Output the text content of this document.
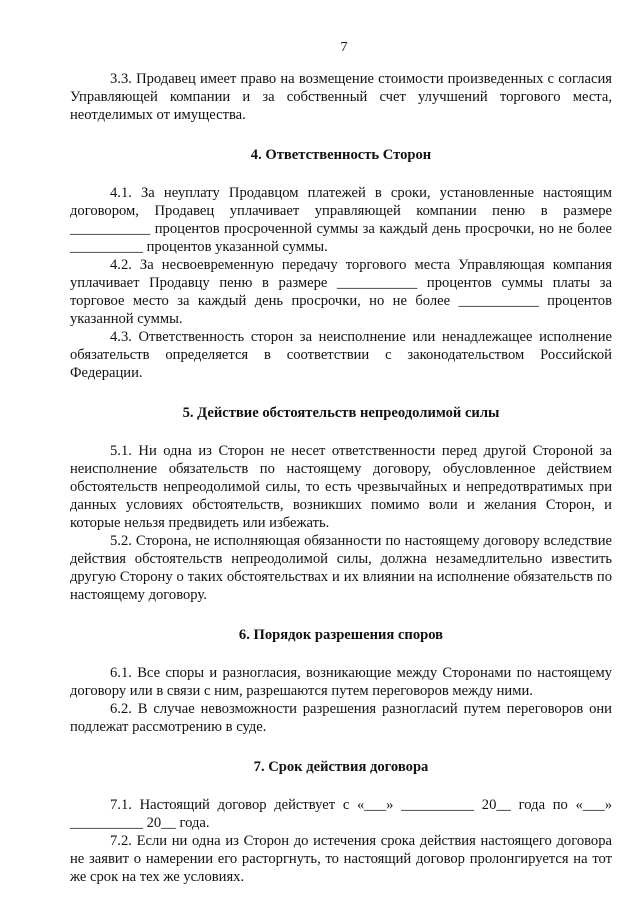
7

3.3. Продавец имеет право на возмещение стоимости произведенных с согласия Управляющей компании и за собственный счет улучшений торгового места, неотделимых от имущества.

4. Ответственность Сторон

4.1. За неуплату Продавцом платежей в сроки, установленные настоящим договором, Продавец уплачивает управляющей компании пеню в размере ___________ процентов просроченной суммы за каждый день просрочки, но не более __________ процентов указанной суммы.

4.2. За несвоевременную передачу торгового места Управляющая компания уплачивает Продавцу пеню в размере ___________ процентов суммы платы за торговое место за каждый день просрочки, но не более ___________ процентов указанной суммы.

4.3. Ответственность сторон за неисполнение или ненадлежащее исполнение обязательств определяется в соответствии с законодательством Российской Федерации.

5. Действие обстоятельств непреодолимой силы

5.1. Ни одна из Сторон не несет ответственности перед другой Стороной за неисполнение обязательств по настоящему договору, обусловленное действием обстоятельств непреодолимой силы, то есть чрезвычайных и непредотвратимых при данных условиях обстоятельств, возникших помимо воли и желания Сторон, и которые нельзя предвидеть или избежать.

5.2. Сторона, не исполняющая обязанности по настоящему договору вследствие действия обстоятельств непреодолимой силы, должна незамедлительно известить другую Сторону о таких обстоятельствах и их влиянии на исполнение обязательств по настоящему договору.

6. Порядок разрешения споров

6.1. Все споры и разногласия, возникающие между Сторонами по настоящему договору или в связи с ним, разрешаются путем переговоров между ними.

6.2. В случае невозможности разрешения разногласий путем переговоров они подлежат рассмотрению в суде.

7. Срок действия договора

7.1. Настоящий договор действует с «___» __________ 20__ года по «___» __________ 20__ года.

7.2. Если ни одна из Сторон до истечения срока действия настоящего договора не заявит о намерении его расторгнуть, то настоящий договор пролонгируется на тот же срок на тех же условиях.
